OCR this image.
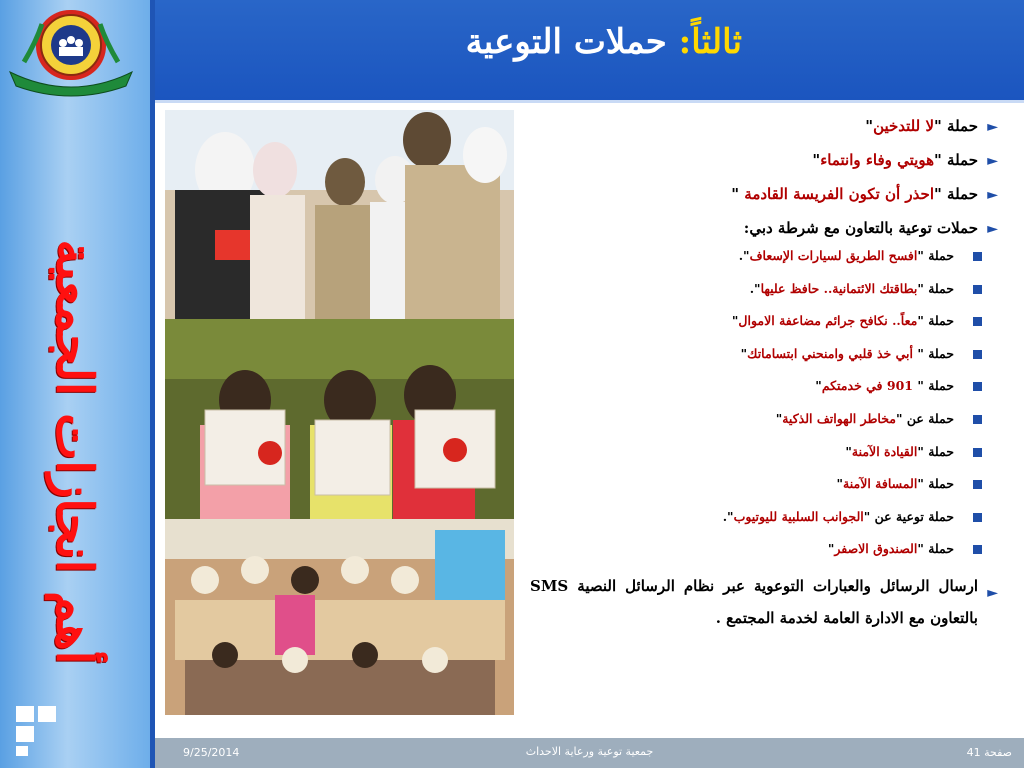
أهم انجازات الجمعية
ثالثاً: حملات التوعية
►
حملة "لا للتدخين"
►
حملة "هويتي وفاء وانتماء"
►
حملة "احذر أن تكون الفريسة القادمة "
►
حملات توعية بالتعاون مع شرطة دبي:
حملة "افسح الطريق لسيارات الإسعاف".
حملة "بطاقتك الائتمانية.. حافظ عليها".
حملة "معاً.. نكافح جرائم مضاعفة الاموال"
حملة " أبي خذ قلبي وامنحني ابتساماتك"
حملة " 901 في خدمتكم"
حملة عن "مخاطر الهواتف الذكية"
حملة "القيادة الآمنة"
حملة "المسافة الآمنة"
حملة توعية عن "الجوانب السلبية لليوتيوب".
حملة "الصندوق الاصفر"
►
ارسال الرسائل والعبارات التوعوية عبر نظام الرسائل النصية SMS بالتعاون مع الادارة العامة لخدمة المجتمع .
9/25/2014	جمعية توعية ورعاية الاحداث	صفحة 41
